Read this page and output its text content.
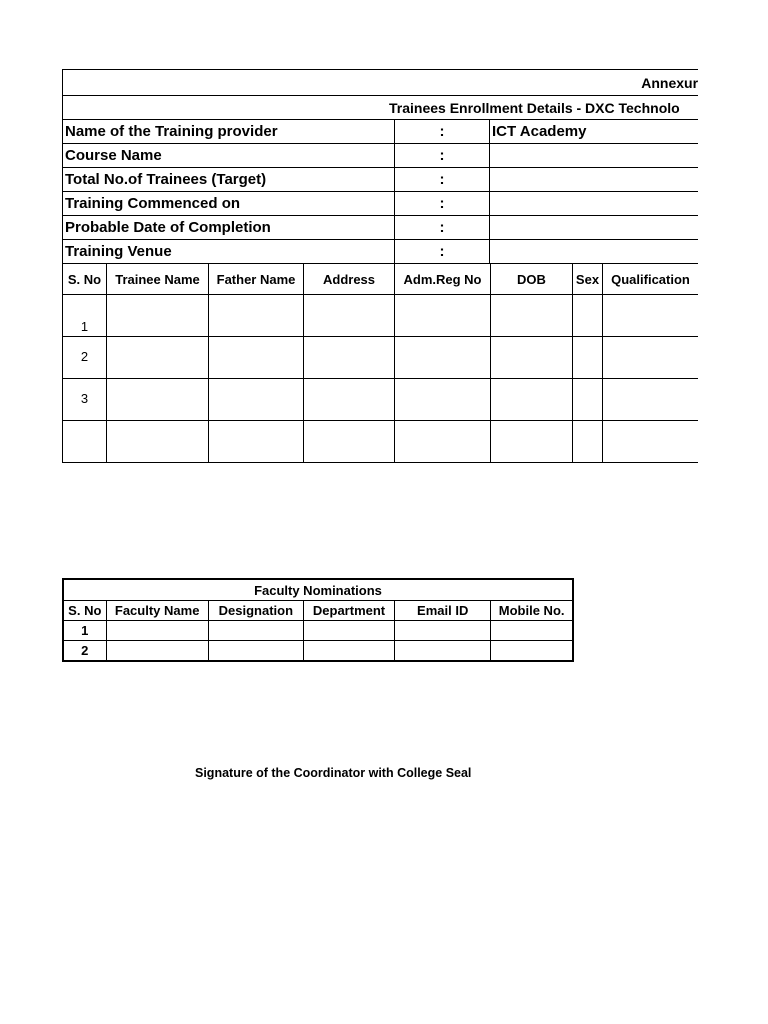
Annexur
Trainees Enrollment Details - DXC Technolo
Name of the Training provider		:	ICT Academy

Course Name		:	

Total No.of Trainees (Target)		:	

Training Commenced on		:	

Probable Date of Completion		:	

Training Venue		:	

S. No	Trainee Name	Father Name	Address	Adm.Reg No	DOB	Sex	Qualification	
1								
2								
3								

Faculty Nominations					
S. No	Faculty Name	Designation	Department	Email ID	Mobile No.
1					
2					
Signature of the Coordinator with College Seal
